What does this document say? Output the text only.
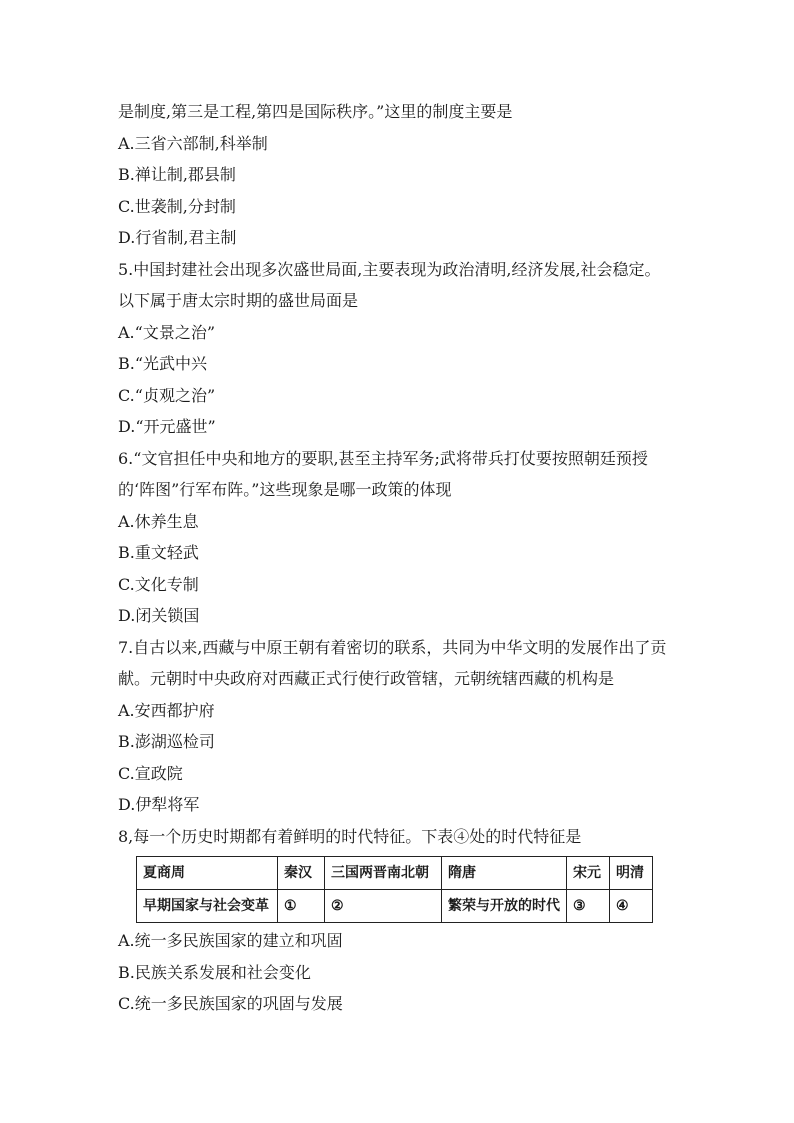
是制度,第三是工程,第四是国际秩序。”这里的制度主要是
A.三省六部制,科举制
B.禅让制,郡县制
C.世袭制,分封制
D.行省制,君主制
5.中国封建社会出现多次盛世局面,主要表现为政治清明,经济发展,社会稳定。
以下属于唐太宗时期的盛世局面是
A.“文景之治”
B.“光武中兴
C.“贞观之治”
D.“开元盛世”
6.“文官担任中央和地方的要职,甚至主持军务;武将带兵打仗要按照朝廷预授
的‘阵图”行军布阵。”这些现象是哪一政策的体现
A.休养生息
B.重文轻武
C.文化专制
D.闭关锁国
7.自古以来,西藏与中原王朝有着密切的联系，共同为中华文明的发展作出了贡
献。元朝时中央政府对西藏正式行使行政管辖，元朝统辖西藏的机构是
A.安西都护府
B.澎湖巡检司
C.宣政院
D.伊犁将军
8,每一个历史时期都有着鲜明的时代特征。下表④处的时代特征是
夏商周	秦汉	三国两晋南北朝	隋唐	宋元	明清
早期国家与社会变革	①	②	繁荣与开放的时代	③	④
A.统一多民族国家的建立和巩固
B.民族关系发展和社会变化
C.统一多民族国家的巩固与发展
